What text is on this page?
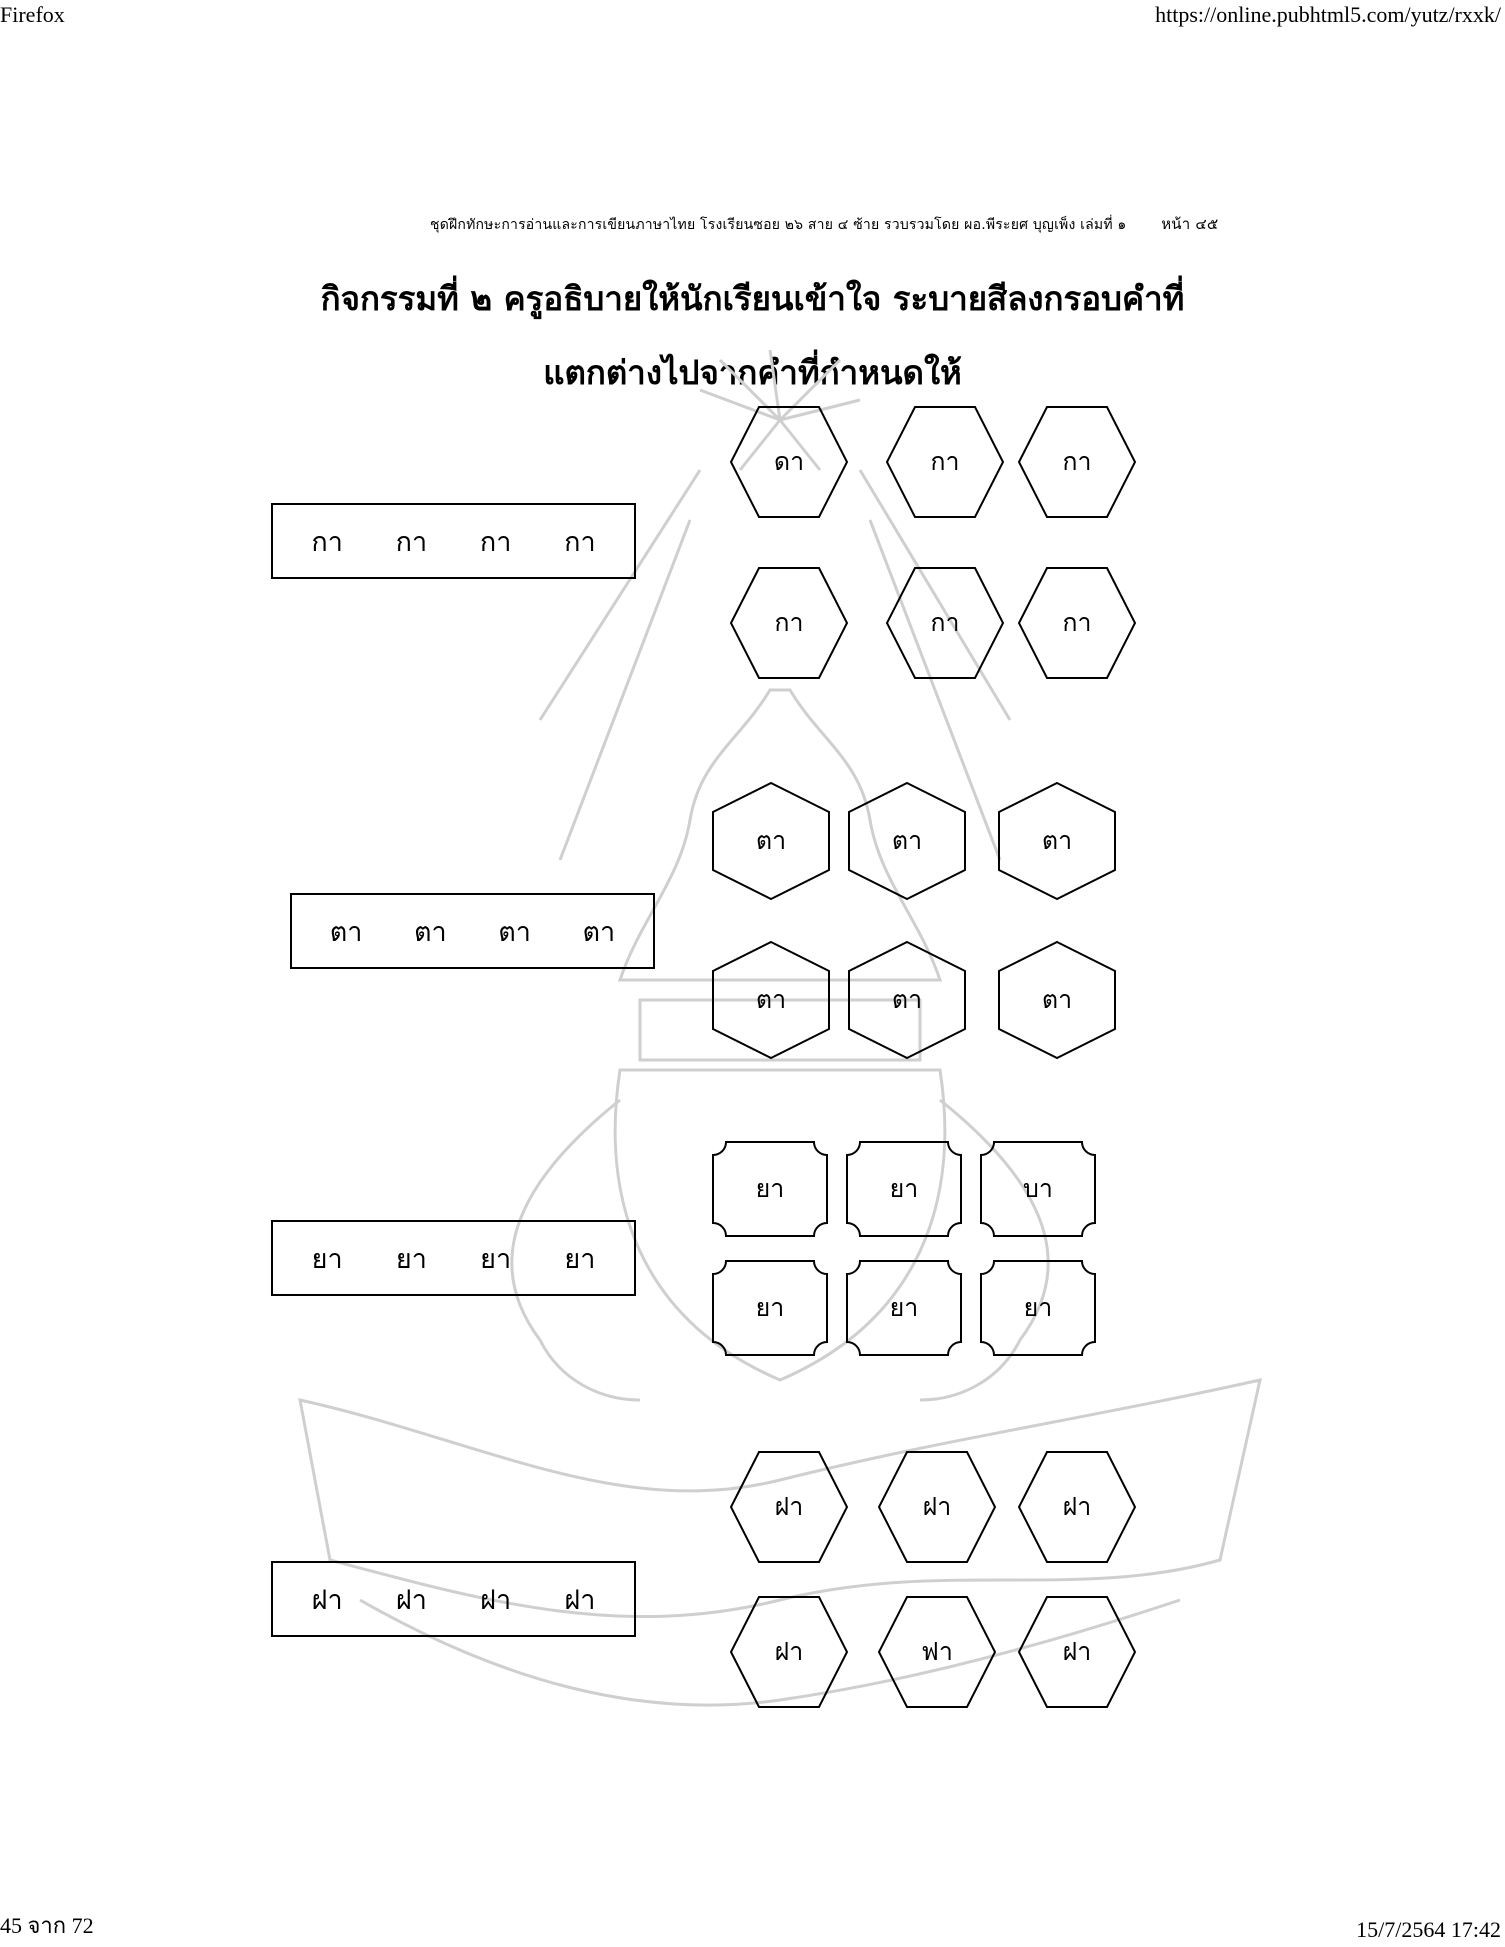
Firefox	https://online.pubhtml5.com/yutz/rxxk/
ชุดฝึกทักษะการอ่านและการเขียนภาษาไทย โรงเรียนซอย ๒๖ สาย ๔ ซ้าย รวบรวมโดย ผอ.พีระยศ บุญเพ็ง เล่มที่ ๑ หน้า ๔๕
กิจกรรมที่ ๒ ครูอธิบายให้นักเรียนเข้าใจ ระบายสีลงกรอบคำที่
แตกต่างไปจากคำที่กำหนดให้
กา กา กา กา
ดา	กา	กา
กา	กา	กา
ตา ตา ตา ตา
ตา	ตา	ตา
ตา	ตา	ตา
ยา ยา ยา ยา
ยา	ยา	บา
ยา	ยา	ยา
ฝา ฝา ฝา ฝา
ฝา	ฝา	ฝา
ฝา	ฟา	ฝา
45 จาก 72	15/7/2564 17:42
